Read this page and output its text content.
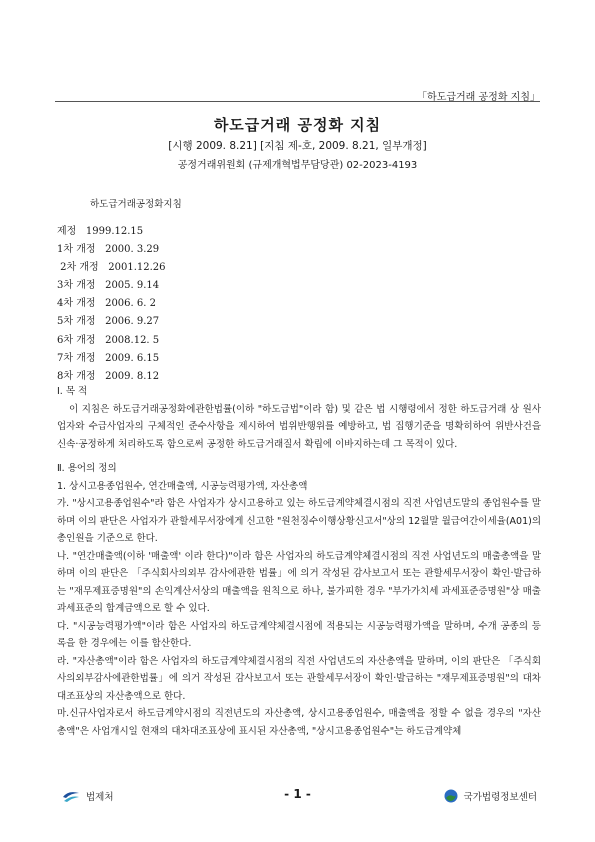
「하도급거래 공정화 지침」
하도급거래 공정화 지침
[시행 2009. 8.21] [지침 제-호, 2009. 8.21, 일부개정]
공정거래위원회 (규제개혁법무담당관) 02-2023-4193
하도급거래공정화지침
제정 1999.12.15
1차 개정 2000. 3.29
2차 개정 2001.12.26
3차 개정 2005. 9.14
4차 개정 2006. 6. 2
5차 개정 2006. 9.27
6차 개정 2008.12. 5
7차 개정 2009. 6.15
8차 개정 2009. 8.12

Ⅰ. 목 적

이 지침은 하도급거래공정화에관한법률(이하 "하도급법"이라 함) 및 같은 법 시행령에서 정한 하도급거래 상 원사업자와 수급사업자의 구체적인 준수사항을 제시하여 법위반행위를 예방하고, 법 집행기준을 명확히하여 위반사건을 신속·공정하게 처리하도록 함으로써 공정한 하도급거래질서 확립에 이바지하는데 그 목적이 있다.

Ⅱ. 용어의 정의

1. 상시고용종업원수, 연간매출액, 시공능력평가액, 자산총액

가. "상시고용종업원수"라 함은 사업자가 상시고용하고 있는 하도급계약체결시점의 직전 사업년도말의 종업원수를 말하며 이의 판단은 사업자가 관할세무서장에게 신고한 "원천징수이행상황신고서"상의 12월말 월급여간이세율(A01)의 총인원을 기준으로 한다.

나. "연간매출액(이하 '매출액' 이라 한다)"이라 함은 사업자의 하도급계약체결시점의 직전 사업년도의 매출총액을 말하며 이의 판단은 「주식회사의외부 감사에관한 법률」에 의거 작성된 감사보고서 또는 관할세무서장이 확인·발급하는 "재무제표증명원"의 손익계산서상의 매출액을 원칙으로 하나, 불가피한 경우 "부가가치세 과세표준증명원"상 매출과세표준의 합계금액으로 할 수 있다.

다. "시공능력평가액"이라 함은 사업자의 하도급계약체결시점에 적용되는 시공능력평가액을 말하며, 수개 공종의 등록을 한 경우에는 이를 합산한다.

라. "자산총액"이라 함은 사업자의 하도급계약체결시점의 직전 사업년도의 자산총액을 말하며, 이의 판단은 「주식회사의외부감사에관한법률」에 의거 작성된 감사보고서 또는 관할세무서장이 확인·발급하는 "재무제표증명원"의 대차대조표상의 자산총액으로 한다.

마.신규사업자로서 하도급계약시점의 직전년도의 자산총액, 상시고용종업원수, 매출액을 정할 수 없을 경우의 "자산총액"은 사업개시일 현재의 대차대조표상에 표시된 자산총액, "상시고용종업원수"는 하도급계약체

법제처	- 1 -	국가법령정보센터
